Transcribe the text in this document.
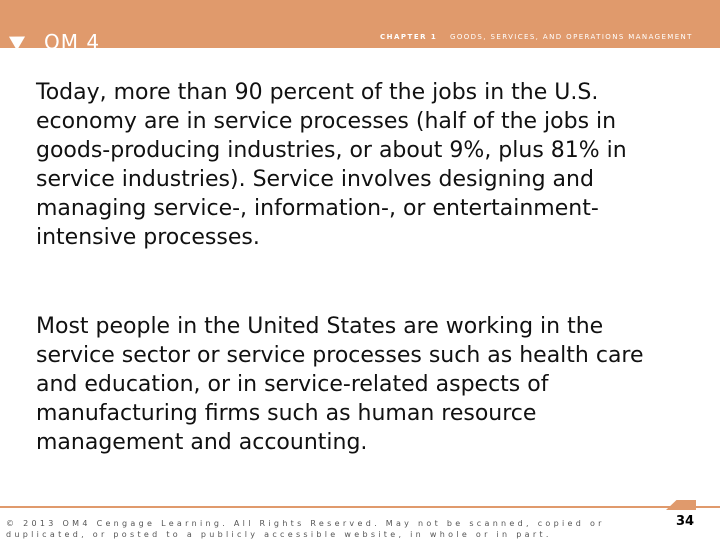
OM 4	CHAPTER 1 GOODS, SERVICES, AND OPERATIONS MANAGEMENT
Today, more than 90 percent of the jobs in the U.S. economy are in service processes (half of the jobs in goods-producing industries, or about 9%, plus 81% in service industries). Service involves designing and managing service-, information-, or entertainment-intensive processes.
Most people in the United States are working in the service sector or service processes such as health care and education, or in service-related aspects of manufacturing firms such as human resource management and accounting.
© 2013 OM4 Cengage Learning. All Rights Reserved. May not be scanned, copied or duplicated, or posted to a publicly accessible website, in whole or in part.
34
